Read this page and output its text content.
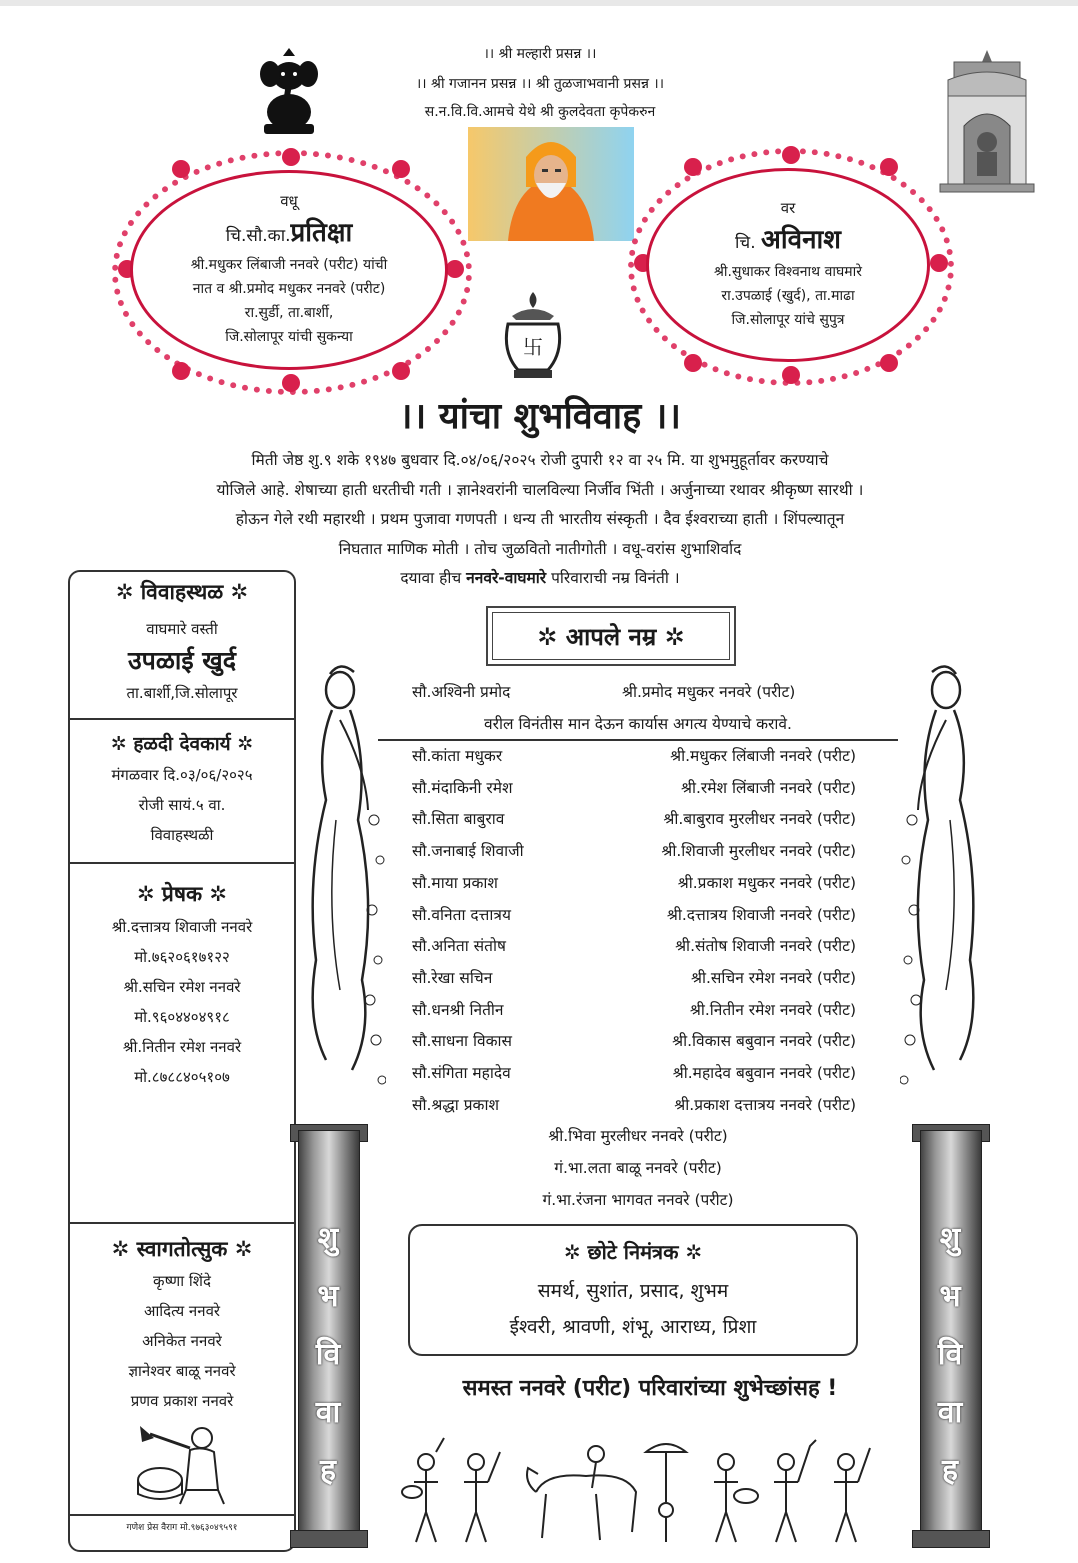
।। श्री मल्हारी प्रसन्न ।।
।। श्री गजानन प्रसन्न ।। श्री तुळजाभवानी प्रसन्न ।।
स.न.वि.वि.आमचे येथे श्री कुलदेवता कृपेकरुन
वधू
चि.सौ.का.प्रतिक्षा
श्री.मधुकर लिंबाजी ननवरे (परीट) यांची
नात व श्री.प्रमोद मधुकर ननवरे (परीट)
रा.सुर्डी, ता.बार्शी,
जि.सोलापूर यांची सुकन्या
वर
चि. अविनाश
श्री.सुधाकर विश्वनाथ वाघमारे
रा.उपळाई (खुर्द), ता.माढा
जि.सोलापूर यांचे सुपुत्र
卐
।। यांचा शुभविवाह ।।
मिती जेष्ठ शु.९ शके १९४७ बुधवार दि.०४/०६/२०२५ रोजी दुपारी १२ वा २५ मि. या शुभमुहूर्तावर करण्याचे
योजिले आहे. शेषाच्या हाती धरतीची गती । ज्ञानेश्वरांनी चालविल्या निर्जीव भिंती । अर्जुनाच्या रथावर श्रीकृष्ण सारथी ।
होऊन गेले रथी महारथी । प्रथम पुजावा गणपती । धन्य ती भारतीय संस्कृती । दैव ईश्वराच्या हाती । शिंपल्यातून
निघतात माणिक मोती । तोच जुळवितो नातीगोती । वधू-वरांस शुभाशिर्वाद
दयावा हीच ननवरे-वाघमारे परिवाराची नम्र विनंती ।
✲ विवाहस्थळ ✲
वाघमारे वस्ती
उपळाई खुर्द
ता.बार्शी,जि.सोलापूर
✲ हळदी देवकार्य ✲
मंगळवार दि.०३/०६/२०२५
रोजी सायं.५ वा.
विवाहस्थळी
✲ प्रेषक ✲
श्री.दत्तात्रय शिवाजी ननवरे
मो.७६२०६१७१२२
श्री.सचिन रमेश ननवरे
मो.९६०४४०४९१८
श्री.नितीन रमेश ननवरे
मो.८७८८४०५१०७
✲ स्वागतोत्सुक ✲
कृष्णा शिंदे
आदित्य ननवरे
अनिकेत ननवरे
ज्ञानेश्वर बाळू ननवरे
प्रणव प्रकाश ननवरे
गणेश प्रेस वैराग मो.९७६३०४९५९१
✲ आपले नम्र ✲
सौ.अश्विनी प्रमोद	श्री.प्रमोद मधुकर ननवरे (परीट)
वरील विनंतीस मान देऊन कार्यास अगत्य येण्याचे करावे.
सौ.कांता मधुकर	श्री.मधुकर लिंबाजी ननवरे (परीट)
सौ.मंदाकिनी रमेश	श्री.रमेश लिंबाजी ननवरे (परीट)
सौ.सिता बाबुराव	श्री.बाबुराव मुरलीधर ननवरे (परीट)
सौ.जनाबाई शिवाजी	श्री.शिवाजी मुरलीधर ननवरे (परीट)
सौ.माया प्रकाश	श्री.प्रकाश मधुकर ननवरे (परीट)
सौ.वनिता दत्तात्रय	श्री.दत्तात्रय शिवाजी ननवरे (परीट)
सौ.अनिता संतोष	श्री.संतोष शिवाजी ननवरे (परीट)
सौ.रेखा सचिन	श्री.सचिन रमेश ननवरे (परीट)
सौ.धनश्री नितीन	श्री.नितीन रमेश ननवरे (परीट)
सौ.साधना विकास	श्री.विकास बबुवान ननवरे (परीट)
सौ.संगिता महादेव	श्री.महादेव बबुवान ननवरे (परीट)
सौ.श्रद्धा प्रकाश	श्री.प्रकाश दत्तात्रय ननवरे (परीट)
श्री.भिवा मुरलीधर ननवरे (परीट)
गं.भा.लता बाळू ननवरे (परीट)
गं.भा.रंजना भागवत ननवरे (परीट)
✲ छोटे निमंत्रक ✲
समर्थ, सुशांत, प्रसाद, शुभम
ईश्वरी, श्रावणी, शंभू, आराध्य, प्रिशा
समस्त ननवरे (परीट) परिवारांच्या शुभेच्छांसह !
शु
भ
वि
वा
ह
शु
भ
वि
वा
ह
